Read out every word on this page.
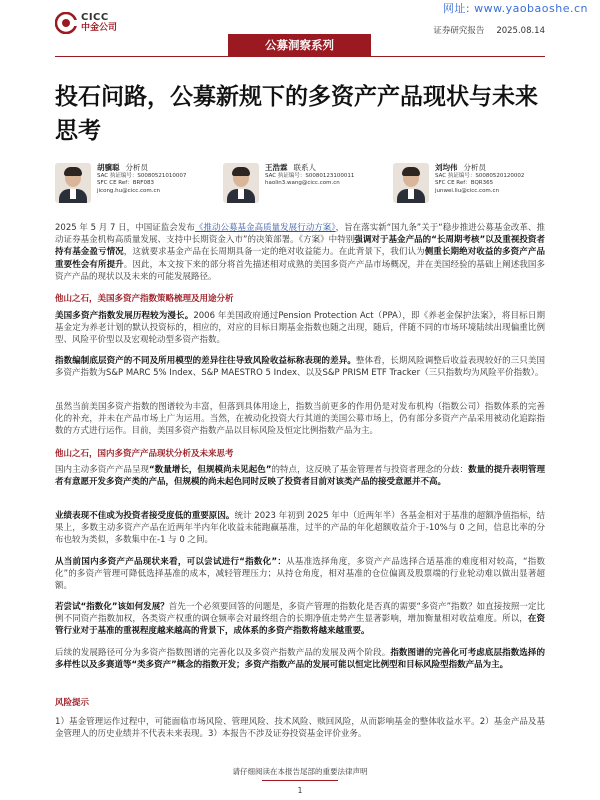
网址: www.yaobaoshe.cn
CICC
中金公司	证券研究报告 2025.08.14
公募洞察系列
投石问路，公募新规下的多资产产品现状与未来思考
胡骥聪 分析员
SAC 执证编号：S0080521010007
SFC CE Ref：BRF083
jicong.hu@cicc.com.cn
王浩霖 联系人
SAC 执证编号：S0080123100011
haolin3.wang@cicc.com.cn
刘均伟 分析员
SAC 执证编号：S0080520120002
SFC CE Ref：BQR365
junwei.liu@cicc.com.cn
2025 年 5 月 7 日，中国证监会发布《推动公募基金高质量发展行动方案》，旨在落实新“国九条”关于“稳步推进公募基金改革、推动证券基金机构高质量发展、支持中长期资金入市”的决策部署。《方案》中特别强调对于基金产品的“长周期考核”以及重视投资者持有基金盈亏情况，这就要求基金产品在长周期具备一定的绝对收益能力。在此背景下，我们认为侧重长期绝对收益的多资产产品重要性会有所提升。因此，本文按下来的部分将首先描述相对成熟的美国多资产产品市场概况，并在美国经验的基础上阐述我国多资产产品的现状以及未来的可能发展路径。
他山之石，美国多资产指数策略梳理及用途分析
美国多资产指数发展历程较为漫长。2006 年美国政府通过Pension Protection Act（PPA），即《养老金保护法案》，将目标日期基金定为养老计划的默认投资标的，相应的，对应的目标日期基金指数也随之出现，随后，伴随不同的市场环境陆续出现偏重比例型、风险平价型以及宏观轮动型多资产指数。
指数编制底层资产的不同及所用模型的差异往往导致风险收益标称表现的差异。整体看，长期风险调整后收益表现较好的三只美国多资产指数为S&P MARC 5% Index、S&P MAESTRO 5 Index、以及S&P PRISM ETF Tracker（三只指数均为风险平价指数）。
虽然当前美国多资产指数的图谱较为丰富，但落到具体用途上，指数当前更多的作用仍是对发布机构（指数公司）指数体系的完善化的补充，并未在产品市场上广为运用。当然，在被动化投资大行其道的美国公募市场上，仍有部分多资产产品采用被动化追踪指数的方式进行运作。目前，美国多资产指数产品以目标风险及恒定比例指数产品为主。
他山之石，国内多资产产品现状分析及未来思考
国内主动多资产产品呈现“数量增长，但规模尚未见起色”的特点，这反映了基金管理者与投资者理念的分歧：数量的提升表明管理者有意愿开发多资产类的产品，但规模的尚未起色同时反映了投资者目前对该类产品的接受意愿并不高。
业绩表现不佳或为投资者接受度低的重要原因。统计 2023 年初到 2025 年中（近两年半）各基金相对于基准的超额净值指标，结果上，多数主动多资产产品在近两年半内年化收益未能跑赢基准，过半的产品的年化超额收益介于-10%与 0 之间，信息比率的分布也较为类似，多数集中在-1 与 0 之间。
从当前国内多资产产品现状来看，可以尝试进行“指数化”：从基准选择角度，多资产产品选择合适基准的难度相对较高，“指数化”的多资产管理可降低选择基准的成本，减轻管理压力；从持仓角度，相对基准的仓位偏离及股票端的行业轮动难以做出显著超额。
若尝试“指数化”该如何发展？首先一个必须要回答的问题是，多资产管理的指数化是否真的需要“多资产”指数？如直接按照一定比例不同资产指数加权，各类资产权重的调仓频率会对最终组合的长期净值走势产生显著影响，增加衡量相对收益难度。所以，在资管行业对于基准的重视程度越来越高的背景下，成体系的多资产指数将越来越重要。
后续的发展路径可分为多资产指数图谱的完善化以及多资产指数产品的发展及两个阶段。指数图谱的完善化可考虑底层指数选择的多样性以及多赛道等“类多资产”概念的指数开发；多资产指数产品的发展可能以恒定比例型和目标风险型指数产品为主。
风险提示
1）基金管理运作过程中，可能面临市场风险、管理风险、技术风险、赎回风险，从而影响基金的整体收益水平。2）基金产品及基金管理人的历史业绩并不代表未来表现。3）本报告不涉及证券投资基金评价业务。
请仔细阅读在本报告尾部的重要法律声明
1
